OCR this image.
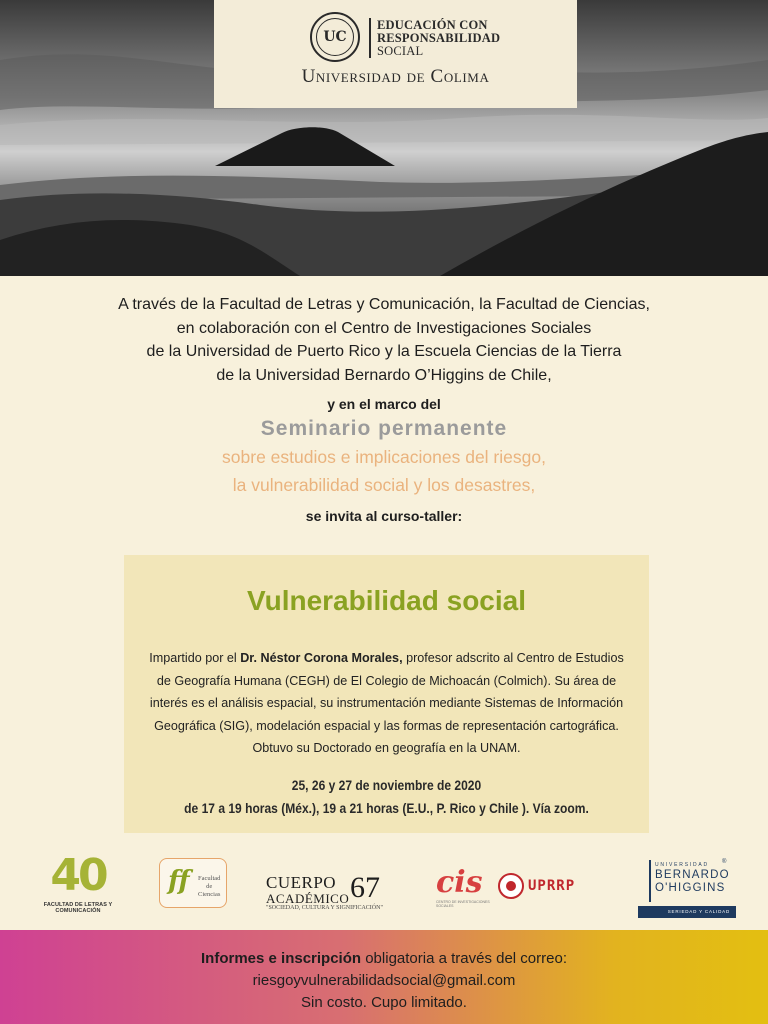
UC
EDUCACIÓN CON
RESPONSABILIDAD
SOCIAL
Universidad de Colima
A través de la Facultad de Letras y Comunicación, la Facultad de Ciencias,
en colaboración con el Centro de Investigaciones Sociales
de la Universidad de Puerto Rico y la Escuela Ciencias de la Tierra
de la Universidad Bernardo O’Higgins de Chile,
y en el marco del
Seminario permanente
sobre estudios e implicaciones del riesgo,
la vulnerabilidad social y los desastres,
se invita al curso-taller:
Vulnerabilidad social
Impartido por el Dr. Néstor Corona Morales, profesor adscrito al Centro de Estudios de Geografía Humana (CEGH) de El Colegio de Michoacán (Colmich). Su área de interés es el análisis espacial, su instrumentación mediante Sistemas de Información Geográfica (SIG), modelación espacial y las formas de representación cartográfica. Obtuvo su Doctorado en geografía en la UNAM.
25, 26 y 27 de noviembre de 2020
de 17 a 19 horas (Méx.), 19 a 21 horas (E.U., P. Rico y Chile ). Vía zoom.
40
FACULTAD DE LETRAS Y COMUNICACIÓN
ff Facultad
de
Ciencias
CUERPO
ACADÉMICO 67
"SOCIEDAD, CULTURA Y SIGNIFICACIÓN"
cis
CENTRO DE INVESTIGACIONES SOCIALES
UPRRP
UNIVERSIDAD ®
BERNARDO
O'HIGGINS
SERIEDAD Y CALIDAD
Informes e inscripción obligatoria a través del correo:
riesgoyvulnerabilidadsocial@gmail.com
Sin costo. Cupo limitado.
